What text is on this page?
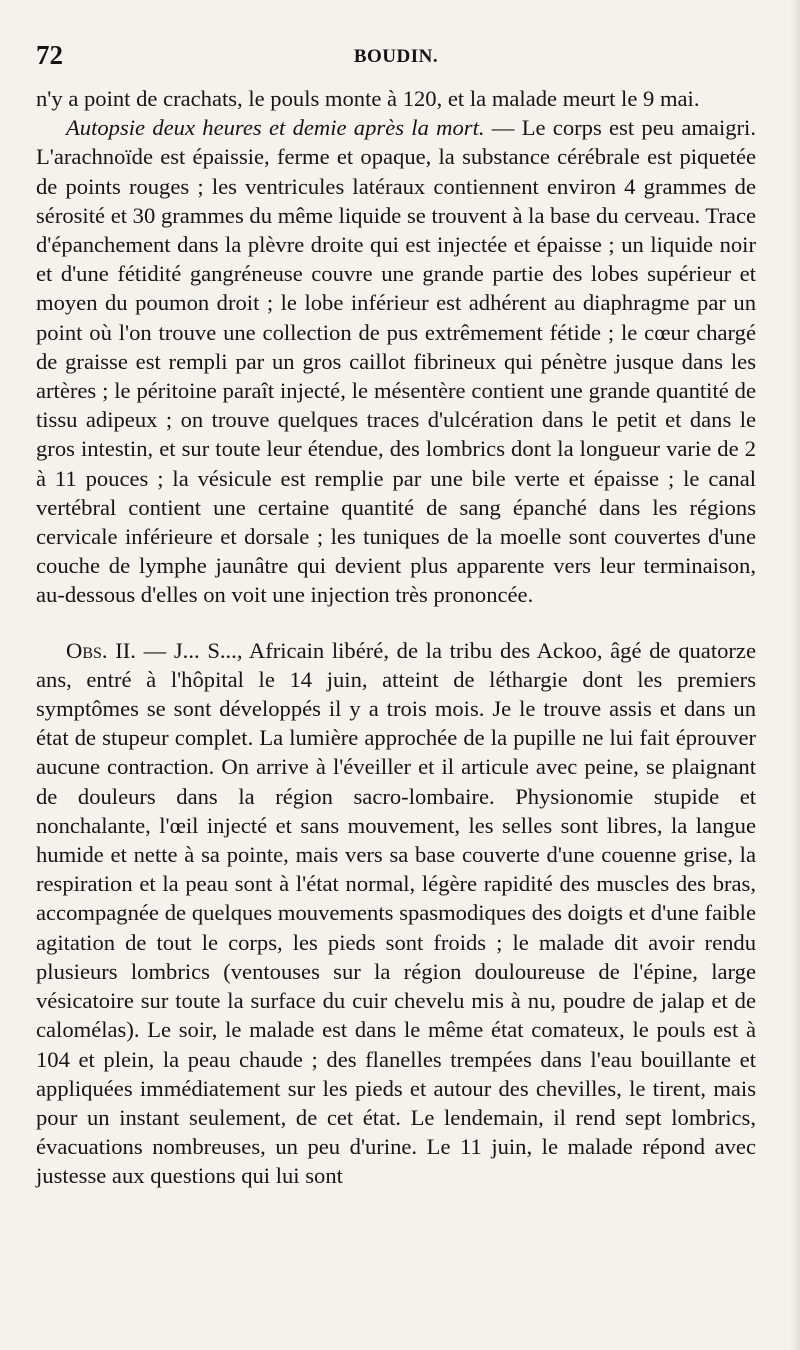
72	BOUDIN.

n'y a point de crachats, le pouls monte à 120, et la malade meurt le 9 mai.

Autopsie deux heures et demie après la mort. — Le corps est peu amaigri. L'arachnoïde est épaissie, ferme et opaque, la substance cérébrale est piquetée de points rouges ; les ventricules latéraux contiennent environ 4 grammes de sérosité et 30 grammes du même liquide se trouvent à la base du cerveau. Trace d'épanchement dans la plèvre droite qui est injectée et épaisse ; un liquide noir et d'une fétidité gangréneuse couvre une grande partie des lobes supérieur et moyen du poumon droit ; le lobe inférieur est adhérent au diaphragme par un point où l'on trouve une collection de pus extrêmement fétide ; le cœur chargé de graisse est rempli par un gros caillot fibrineux qui pénètre jusque dans les artères ; le péritoine paraît injecté, le mésentère contient une grande quantité de tissu adipeux ; on trouve quelques traces d'ulcération dans le petit et dans le gros intestin, et sur toute leur étendue, des lombrics dont la longueur varie de 2 à 11 pouces ; la vésicule est remplie par une bile verte et épaisse ; le canal vertébral contient une certaine quantité de sang épanché dans les régions cervicale inférieure et dorsale ; les tuniques de la moelle sont couvertes d'une couche de lymphe jaunâtre qui devient plus apparente vers leur terminaison, au-dessous d'elles on voit une injection très prononcée.

Obs. II. — J... S..., Africain libéré, de la tribu des Ackoo, âgé de quatorze ans, entré à l'hôpital le 14 juin, atteint de léthargie dont les premiers symptômes se sont développés il y a trois mois. Je le trouve assis et dans un état de stupeur complet. La lumière approchée de la pupille ne lui fait éprouver aucune contraction. On arrive à l'éveiller et il articule avec peine, se plaignant de douleurs dans la région sacro-lombaire. Physionomie stupide et nonchalante, l'œil injecté et sans mouvement, les selles sont libres, la langue humide et nette à sa pointe, mais vers sa base couverte d'une couenne grise, la respiration et la peau sont à l'état normal, légère rapidité des muscles des bras, accompagnée de quelques mouvements spasmodiques des doigts et d'une faible agitation de tout le corps, les pieds sont froids ; le malade dit avoir rendu plusieurs lombrics (ventouses sur la région douloureuse de l'épine, large vésicatoire sur toute la surface du cuir chevelu mis à nu, poudre de jalap et de calomélas). Le soir, le malade est dans le même état comateux, le pouls est à 104 et plein, la peau chaude ; des flanelles trempées dans l'eau bouillante et appliquées immédiatement sur les pieds et autour des chevilles, le tirent, mais pour un instant seulement, de cet état. Le lendemain, il rend sept lombrics, évacuations nombreuses, un peu d'urine. Le 11 juin, le malade répond avec justesse aux questions qui lui sont
